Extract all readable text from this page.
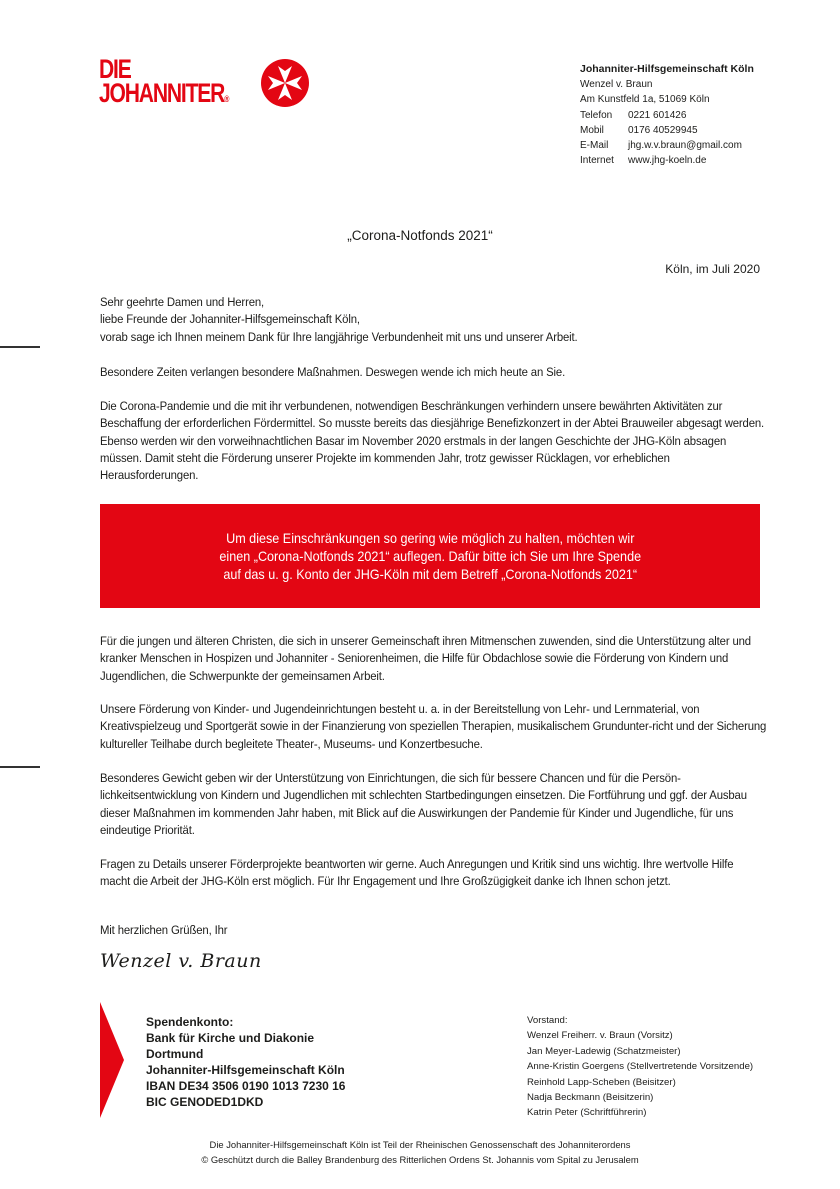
DIE
JOHANNITER®
Johanniter-Hilfsgemeinschaft Köln
Wenzel v. Braun
Am Kunstfeld 1a, 51069 Köln
Telefon	0221 601426
Mobil	0176 40529945
E-Mail	jhg.w.v.braun@gmail.com
Internet	www.jhg-koeln.de
„Corona-Notfonds 2021“
Köln, im Juli 2020

Sehr geehrte Damen und Herren,

liebe Freunde der Johanniter-Hilfsgemeinschaft Köln,

vorab sage ich Ihnen meinem Dank für Ihre langjährige Verbundenheit mit uns und unserer Arbeit.

Besondere Zeiten verlangen besondere Maßnahmen. Deswegen wende ich mich heute an Sie.
Die Corona-Pandemie und die mit ihr verbundenen, notwendigen Beschränkungen verhindern unsere bewährten Aktivitäten zur Beschaffung der erforderlichen Fördermittel. So musste bereits das diesjährige Benefizkonzert in der Abtei Brauweiler abgesagt werden. Ebenso werden wir den vorweihnachtlichen Basar im November 2020 erstmals in der langen Geschichte der JHG-Köln absagen müssen. Damit steht die Förderung unserer Projekte im kommenden Jahr, trotz gewisser Rücklagen, vor erheblichen Herausforderungen.
Um diese Einschränkungen so gering wie möglich zu halten, möchten wir
einen „Corona-Notfonds 2021“ auflegen. Dafür bitte ich Sie um Ihre Spende
auf das u. g. Konto der JHG-Köln mit dem Betreff „Corona-Notfonds 2021“
Für die jungen und älteren Christen, die sich in unserer Gemeinschaft ihren Mitmenschen zuwenden, sind die Unterstützung alter und kranker Menschen in Hospizen und Johanniter - Seniorenheimen, die Hilfe für Obdachlose sowie die Förderung von Kindern und Jugendlichen, die Schwerpunkte der gemeinsamen Arbeit.
Unsere Förderung von Kinder- und Jugendeinrichtungen besteht u. a. in der Bereitstellung von Lehr- und Lernmaterial, von Kreativspielzeug und Sportgerät sowie in der Finanzierung von speziellen Therapien, musikalischem Grundunter-richt und der Sicherung kultureller Teilhabe durch begleitete Theater-, Museums- und Konzertbesuche.
Besonderes Gewicht geben wir der Unterstützung von Einrichtungen, die sich für bessere Chancen und für die Persön-lichkeitsentwicklung von Kindern und Jugendlichen mit schlechten Startbedingungen einsetzen. Die Fortführung und ggf. der Ausbau dieser Maßnahmen im kommenden Jahr haben, mit Blick auf die Auswirkungen der Pandemie für Kinder und Jugendliche, für uns eindeutige Priorität.
Fragen zu Details unserer Förderprojekte beantworten wir gerne. Auch Anregungen und Kritik sind uns wichtig. Ihre wertvolle Hilfe macht die Arbeit der JHG-Köln erst möglich. Für Ihr Engagement und Ihre Großzügigkeit danke ich Ihnen schon jetzt.
Mit herzlichen Grüßen, Ihr
Wenzel v. Braun
Spendenkonto:
Bank für Kirche und Diakonie
Dortmund
Johanniter-Hilfsgemeinschaft Köln
IBAN DE34 3506 0190 1013 7230 16
BIC GENODED1DKD
Vorstand:
Wenzel Freiherr. v. Braun (Vorsitz)
Jan Meyer-Ladewig (Schatzmeister)
Anne-Kristin Goergens (Stellvertretende Vorsitzende)
Reinhold Lapp-Scheben (Beisitzer)
Nadja Beckmann (Beisitzerin)
Katrin Peter (Schriftführerin)
Die Johanniter-Hilfsgemeinschaft Köln ist Teil der Rheinischen Genossenschaft des Johanniterordens
© Geschützt durch die Balley Brandenburg des Ritterlichen Ordens St. Johannis vom Spital zu Jerusalem
